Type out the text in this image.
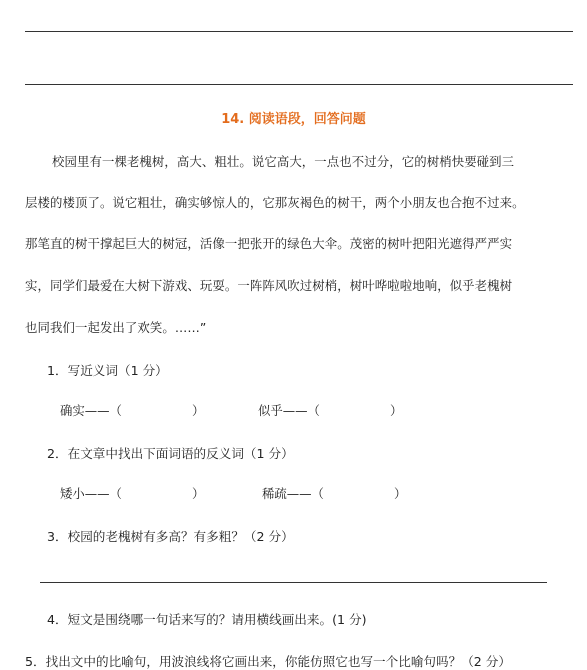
14. 阅读语段，回答问题
校园里有一棵老槐树，高大、粗壮。说它高大，一点也不过分，它的树梢快要碰到三
层楼的楼顶了。说它粗壮，确实够惊人的，它那灰褐色的树干，两个小朋友也合抱不过来。
那笔直的树干撑起巨大的树冠，活像一把张开的绿色大伞。茂密的树叶把阳光遮得严严实
实，同学们最爱在大树下游戏、玩耍。一阵阵风吹过树梢，树叶哗啦啦地响，似乎老槐树
也同我们一起发出了欢笑。……”
1．写近义词（1 分）
确实——（	）	似乎——（	）
2．在文章中找出下面词语的反义词（1 分）
矮小——（	）	稀疏——（	）
3．校园的老槐树有多高？有多粗？（2 分）
4．短文是围绕哪一句话来写的？请用横线画出来。(1 分)
5．找出文中的比喻句，用波浪线将它画出来，你能仿照它也写一个比喻句吗？（2 分）
